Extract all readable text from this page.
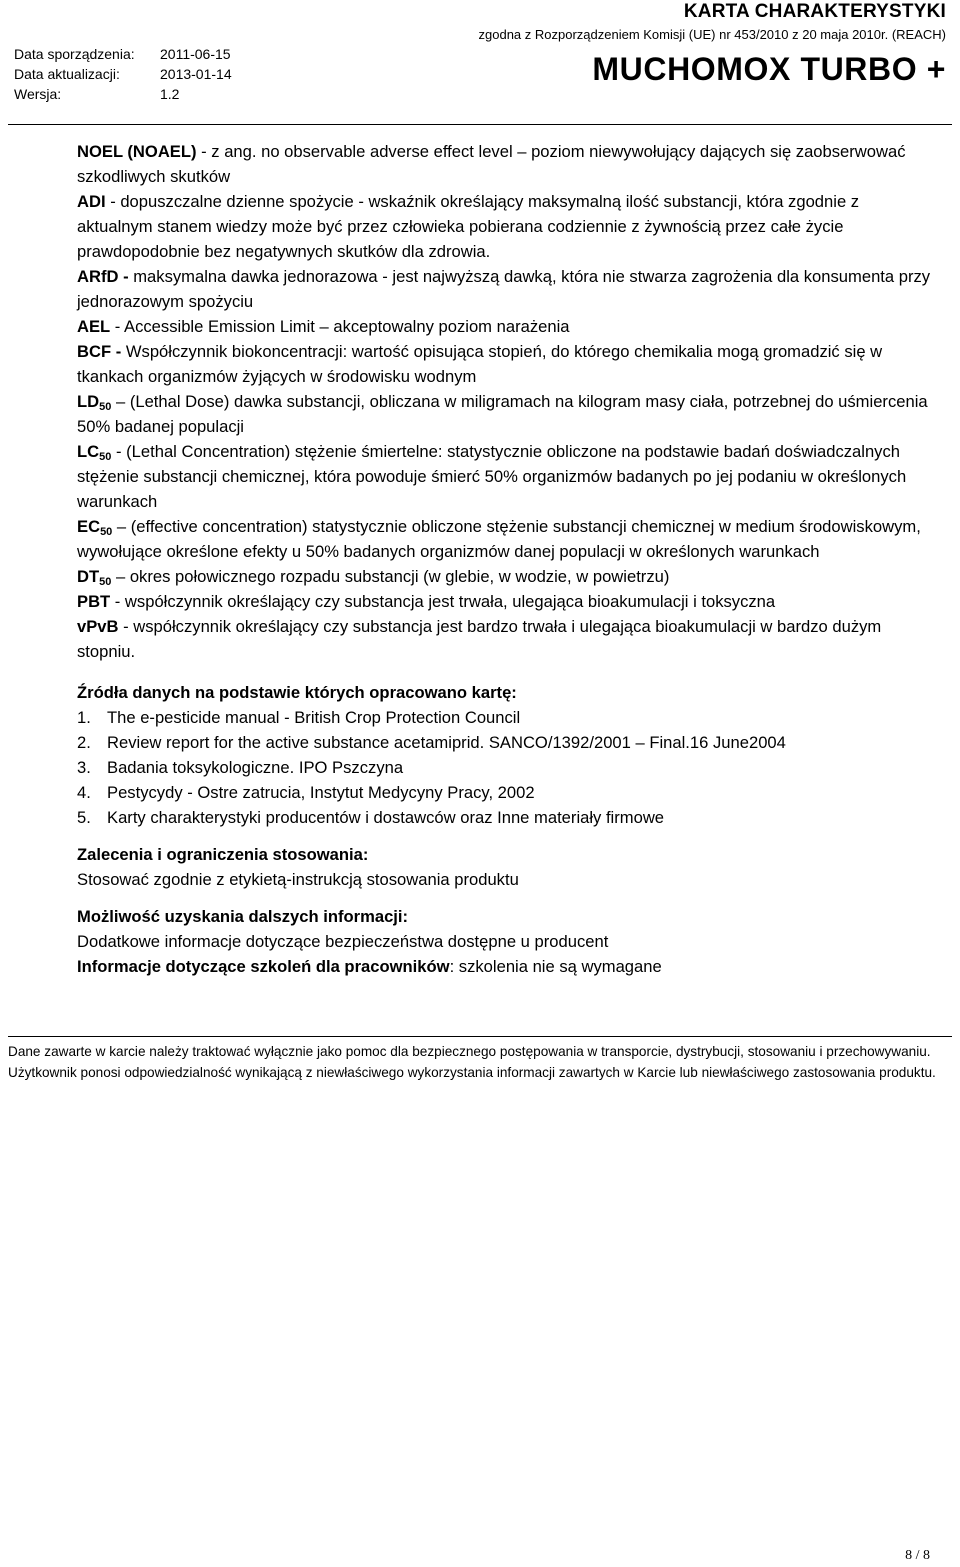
Data sporządzenia:	2011-06-15
Data aktualizacji:	2013-01-14
Wersja:	1.2
KARTA CHARAKTERYSTYKI
zgodna z Rozporządzeniem Komisji (UE) nr 453/2010 z 20 maja 2010r. (REACH)
MUCHOMOX TURBO +

NOEL (NOAEL) - z ang. no observable adverse effect level – poziom niewywołujący dających się zaobserwować szkodliwych skutków

ADI - dopuszczalne dzienne spożycie - wskaźnik określający maksymalną ilość substancji, która zgodnie z aktualnym stanem wiedzy może być przez człowieka pobierana codziennie z żywnością przez całe życie prawdopodobnie bez negatywnych skutków dla zdrowia.

ARfD - maksymalna dawka jednorazowa - jest najwyższą dawką, która nie stwarza zagrożenia dla konsumenta przy jednorazowym spożyciu

AEL - Accessible Emission Limit – akceptowalny poziom narażenia

BCF - Współczynnik biokoncentracji: wartość opisująca stopień, do którego chemikalia mogą gromadzić się w tkankach organizmów żyjących w środowisku wodnym

$LD_{50}$ – (Lethal Dose) dawka substancji, obliczana w miligramach na kilogram masy ciała, potrzebnej do uśmiercenia 50% badanej populacji

$LC_{50}$ - (Lethal Concentration) stężenie śmiertelne: statystycznie obliczone na podstawie badań doświadczalnych stężenie substancji chemicznej, która powoduje śmierć 50% organizmów badanych po jej podaniu w określonych warunkach

$EC_{50}$ – (effective concentration) statystycznie obliczone stężenie substancji chemicznej w medium środowiskowym, wywołujące określone efekty u 50% badanych organizmów danej populacji w określonych warunkach

$DT_{50}$ – okres połowicznego rozpadu substancji (w glebie, w wodzie, w powietrzu)

PBT - współczynnik określający czy substancja jest trwała, ulegająca bioakumulacji i toksyczna

vPvB - współczynnik określający czy substancja jest bardzo trwała i ulegająca bioakumulacji w bardzo dużym stopniu.

Źródła danych na podstawie których opracowano kartę:

1. The e-pesticide manual - British Crop Protection Council
2. Review report for the active substance acetamiprid. SANCO/1392/2001 – Final.16 June2004
3. Badania toksykologiczne. IPO Pszczyna
4. Pestycydy - Ostre zatrucia, Instytut Medycyny Pracy, 2002
5. Karty charakterystyki producentów i dostawców oraz Inne materiały firmowe

Zalecenia i ograniczenia stosowania:

Stosować zgodnie z etykietą-instrukcją stosowania produktu

Możliwość uzyskania dalszych informacji:

Dodatkowe informacje dotyczące bezpieczeństwa dostępne u producent

Informacje dotyczące szkoleń dla pracowników: szkolenia nie są wymagane

Dane zawarte w karcie należy traktować wyłącznie jako pomoc dla bezpiecznego postępowania w transporcie, dystrybucji, stosowaniu i przechowywaniu. Użytkownik ponosi odpowiedzialność wynikającą z niewłaściwego wykorzystania informacji zawartych w Karcie lub niewłaściwego zastosowania produktu.
8 / 8
